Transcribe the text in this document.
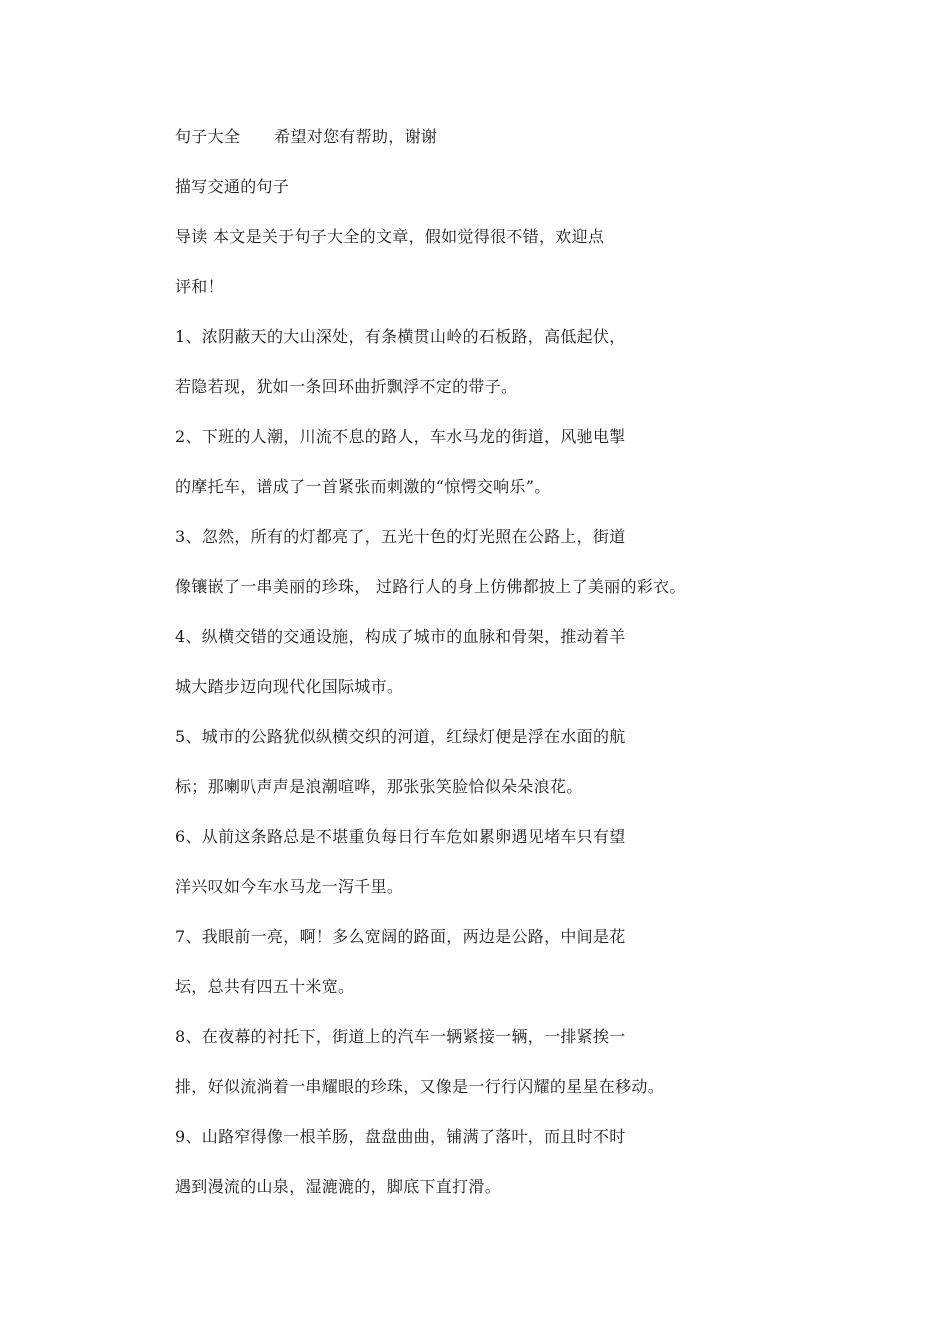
句子大全 希望对您有帮助，谢谢
描写交通的句子
导读 本文是关于句子大全的文章，假如觉得很不错，欢迎点
评和！
1、浓阴蔽天的大山深处，有条横贯山岭的石板路，高低起伏，
若隐若现，犹如一条回环曲折飘浮不定的带子。
2、下班的人潮，川流不息的路人，车水马龙的街道，风驰电掣
的摩托车，谱成了一首紧张而刺激的“惊愕交响乐”。
3、忽然，所有的灯都亮了，五光十色的灯光照在公路上，街道
像镶嵌了一串美丽的珍珠， 过路行人的身上仿佛都披上了美丽的彩衣。
4、纵横交错的交通设施，构成了城市的血脉和骨架，推动着羊
城大踏步迈向现代化国际城市。
5、城市的公路犹似纵横交织的河道，红绿灯便是浮在水面的航
标；那喇叭声声是浪潮喧哗，那张张笑脸恰似朵朵浪花。
6、从前这条路总是不堪重负每日行车危如累卵遇见堵车只有望
洋兴叹如今车水马龙一泻千里。
7、我眼前一亮，啊！多么宽阔的路面，两边是公路，中间是花
坛，总共有四五十米宽。
8、在夜幕的衬托下，街道上的汽车一辆紧接一辆，一排紧挨一
排，好似流淌着一串耀眼的珍珠，又像是一行行闪耀的星星在移动。
9、山路窄得像一根羊肠，盘盘曲曲，铺满了落叶，而且时不时
遇到漫流的山泉，湿漉漉的，脚底下直打滑。
